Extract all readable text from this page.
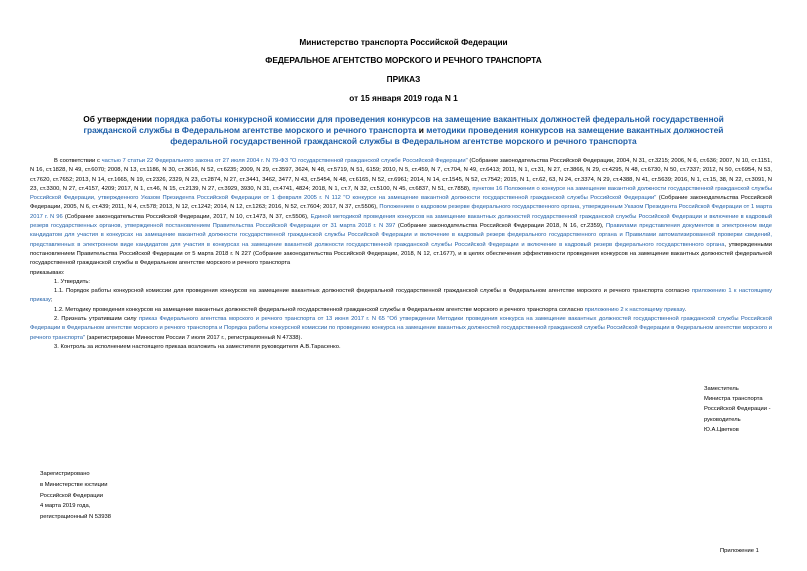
Министерство транспорта Российской Федерации
ФЕДЕРАЛЬНОЕ АГЕНТСТВО МОРСКОГО И РЕЧНОГО ТРАНСПОРТА
ПРИКАЗ
от 15 января 2019 года N 1
Об утверждении порядка работы конкурсной комиссии для проведения конкурсов на замещение вакантных должностей федеральной государственной гражданской службы в Федеральном агентстве морского и речного транспорта и методики проведения конкурсов на замещение вакантных должностей федеральной государственной гражданской службы в Федеральном агентстве морского и речного транспорта

В соответствии с частью 7 статьи 22 Федерального закона от 27 июля 2004 г. N 79-ФЗ "О государственной гражданской службе Российской Федерации" (Собрание законодательства Российской Федерации, 2004, N 31, ст.3215; 2006, N 6, ст.636; 2007, N 10, ст.1151, N 16, ст.1828, N 49, ст.6070; 2008, N 13, ст.1186, N 30, ст.3616, N 52, ст.6235; 2009, N 29, ст.3597, 3624, N 48, ст.5719, N 51, 6159; 2010, N 5, ст.459, N 7, ст.704, N 49, ст.6413; 2011, N 1, ст.31, N 27, ст.3866, N 29, ст.4295, N 48, ст.6730, N 50, ст.7337; 2012, N 50, ст.6954, N 53, ст.7620, ст.7652; 2013, N 14, ст.1665, N 19, ст.2326, 2329, N 23, ст.2874, N 27, ст.3441, 3462, 3477, N 43, ст.5454, N 48, ст.6165, N 52, ст.6961; 2014, N 14, ст.1545, N 52, ст.7542; 2015, N 1, ст.62, 63, N 24, ст.3374, N 29, ст.4388, N 41, ст.5639; 2016, N 1, ст.15, 38, N 22, ст.3091, N 23, ст.3300, N 27, ст.4157, 4209; 2017, N 1, ст.46, N 15, ст.2139, N 27, ст.3929, 3930, N 31, ст.4741, 4824; 2018, N 1, ст.7, N 32, ст.5100, N 45, ст.6837, N 51, ст.7858), пунктом 16 Положения о конкурсе на замещение вакантной должности государственной гражданской службы Российской Федерации, утвержденного Указом Президента Российской Федерации от 1 февраля 2005 г. N 112 "О конкурсе на замещение вакантной должности государственной гражданской службы Российской Федерации" (Собрание законодательства Российской Федерации, 2005, N 6, ст.439; 2011, N 4, ст.578; 2013, N 12, ст.1242; 2014, N 12, ст.1263; 2016, N 52, ст.7604; 2017, N 37, ст.5506), Положением о кадровом резерве федерального государственного органа, утвержденным Указом Президента Российской Федерации от 1 марта 2017 г. N 96 (Собрание законодательства Российской Федерации, 2017, N 10, ст.1473, N 37, ст.5506), Единой методикой проведения конкурсов на замещение вакантных должностей государственной гражданской службы Российской Федерации и включение в кадровый резерв государственных органов, утвержденной постановлением Правительства Российской Федерации от 31 марта 2018 г. N 397 (Собрание законодательства Российской Федерации 2018, N 16, ст.2359), Правилами представления документов в электронном виде кандидатом для участия в конкурсах на замещение вакантной должности государственной гражданской службы Российской Федерации и включение в кадровый резерв федерального государственного органа и Правилами автоматизированной проверки сведений, представленных в электронном виде кандидатом для участия в конкурсах на замещение вакантной должности государственной гражданской службы Российской Федерации и включение в кадровый резерв федерального государственного органа, утвержденными постановлением Правительства Российской Федерации от 5 марта 2018 г. N 227 (Собрание законодательства Российской Федерации, 2018, N 12, ст.1677), и в целях обеспечения эффективности проведения конкурсов на замещение вакантных должностей федеральной государственной гражданской службы в Федеральном агентстве морского и речного транспорта

приказываю:

1. Утвердить:

1.1. Порядок работы конкурсной комиссии для проведения конкурсов на замещение вакантных должностей федеральной государственной гражданской службы в Федеральном агентстве морского и речного транспорта согласно приложению 1 к настоящему приказу;

1.2. Методику проведения конкурсов на замещение вакантных должностей федеральной государственной гражданской службы в Федеральном агентстве морского и речного транспорта согласно приложению 2 к настоящему приказу.

2. Признать утратившим силу приказ Федерального агентства морского и речного транспорта от 13 июня 2017 г. N 65 "Об утверждении Методики проведения конкурса на замещение вакантных должностей государственной гражданской службы Российской Федерации в Федеральном агентстве морского и речного транспорта и Порядка работы конкурсной комиссии по проведению конкурса на замещение вакантных должностей государственной гражданской службы Российской Федерации в Федеральном агентстве морского и речного транспорта" (зарегистрирован Минюстом России 7 июля 2017 г., регистрационный N 47338).

3. Контроль за исполнением настоящего приказа возложить на заместителя руководителя А.В.Тарасенко.

Заместитель
Министра транспорта
Российской Федерации -
руководитель
Ю.А.Цветков
Зарегистрировано
в Министерстве юстиции
Российской Федерации
4 марта 2019 года,
регистрационный N 53938
Приложение 1
